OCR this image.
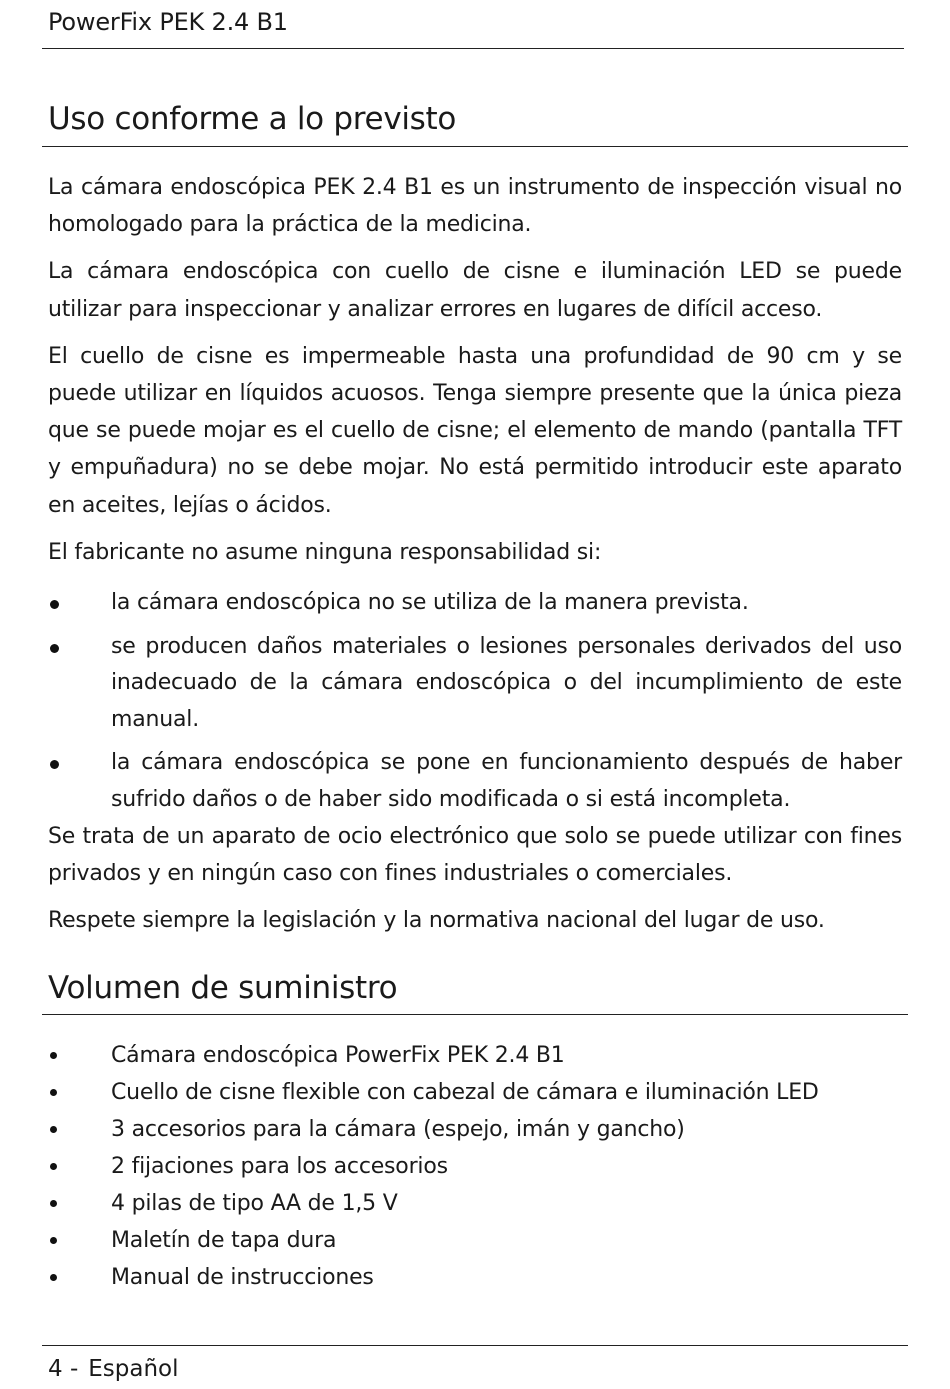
PowerFix PEK 2.4 B1
Uso conforme a lo previsto

La cámara endoscópica PEK 2.4 B1 es un instrumento de inspección visual no homologado para la práctica de la medicina.

La cámara endoscópica con cuello de cisne e iluminación LED se puede utilizar para inspeccionar y analizar errores en lugares de difícil acceso.

El cuello de cisne es impermeable hasta una profundidad de 90 cm y se puede utilizar en líquidos acuosos. Tenga siempre presente que la única pieza que se puede mojar es el cuello de cisne; el elemento de mando (pantalla TFT y empuñadura) no se debe mojar. No está permitido introducir este aparato en aceites, lejías o ácidos.

El fabricante no asume ninguna responsabilidad si:

la cámara endoscópica no se utiliza de la manera prevista.
se producen daños materiales o lesiones personales derivados del uso inadecuado de la cámara endoscópica o del incumplimiento de este manual.
la cámara endoscópica se pone en funcionamiento después de haber sufrido daños o de haber sido modificada o si está incompleta.

Se trata de un aparato de ocio electrónico que solo se puede utilizar con fines privados y en ningún caso con fines industriales o comerciales.

Respete siempre la legislación y la normativa nacional del lugar de uso.

Volumen de suministro
Cámara endoscópica PowerFix PEK 2.4 B1
Cuello de cisne flexible con cabezal de cámara e iluminación LED
3 accesorios para la cámara (espejo, imán y gancho)
2 fijaciones para los accesorios
4 pilas de tipo AA de 1,5 V
Maletín de tapa dura
Manual de instrucciones
4 - Español
